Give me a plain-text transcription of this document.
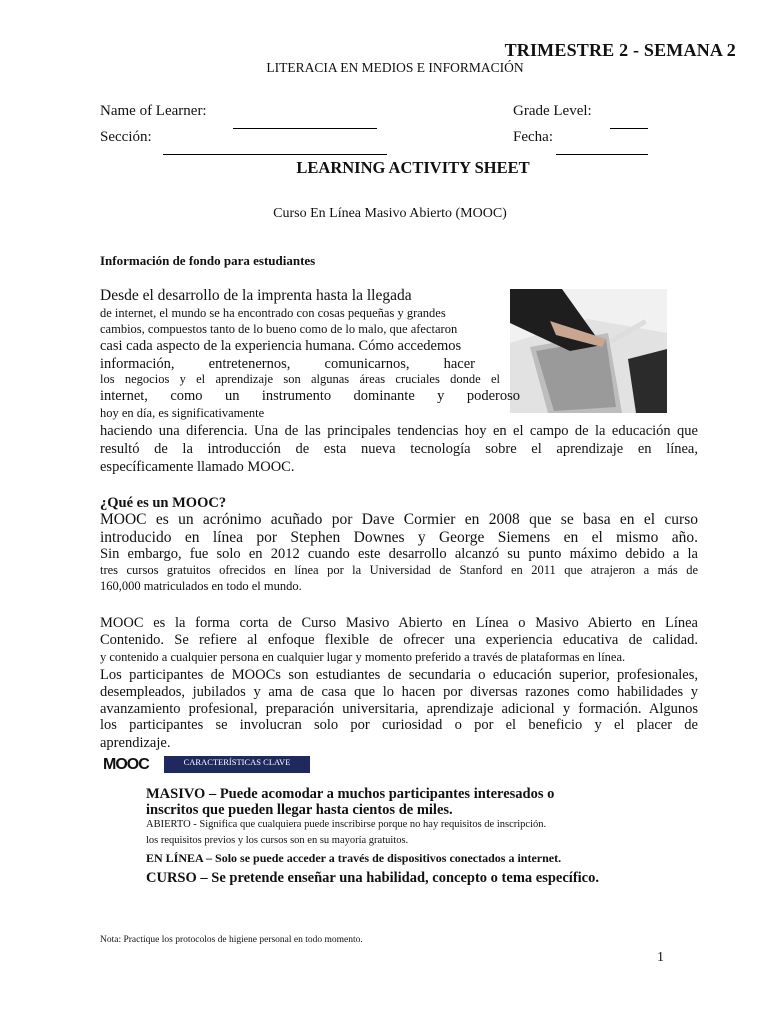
TRIMESTRE 2 - SEMANA 2
LITERACIA EN MEDIOS E INFORMACIÓN
Name of Learner:	Grade Level:
Sección:	Fecha:
LEARNING ACTIVITY SHEET
Curso En Línea Masivo Abierto (MOOC)
Información de fondo para estudiantes
Desde el desarrollo de la imprenta hasta la llegada
de internet, el mundo se ha encontrado con cosas pequeñas y grandes
cambios, compuestos tanto de lo bueno como de lo malo, que afectaron
casi cada aspecto de la experiencia humana. Cómo accedemos
información, entretenernos, comunicarnos, hacer
los negocios y el aprendizaje son algunas áreas cruciales donde el
internet, como un instrumento dominante y poderoso
hoy en día, es significativamente
haciendo una diferencia. Una de las principales tendencias hoy en el campo de la educación que
resultó de la introducción de esta nueva tecnología sobre el aprendizaje en línea,
específicamente llamado MOOC.
¿Qué es un MOOC?
MOOC es un acrónimo acuñado por Dave Cormier en 2008 que se basa en el curso
introducido en línea por Stephen Downes y George Siemens en el mismo año.
Sin embargo, fue solo en 2012 cuando este desarrollo alcanzó su punto máximo debido a la
tres cursos gratuitos ofrecidos en línea por la Universidad de Stanford en 2011 que atrajeron a más de
160,000 matriculados en todo el mundo.
MOOC es la forma corta de Curso Masivo Abierto en Línea o Masivo Abierto en Línea
Contenido. Se refiere al enfoque flexible de ofrecer una experiencia educativa de calidad.
y contenido a cualquier persona en cualquier lugar y momento preferido a través de plataformas en línea.
Los participantes de MOOCs son estudiantes de secundaria o educación superior, profesionales,
desempleados, jubilados y ama de casa que lo hacen por diversas razones como habilidades y
avanzamiento profesional, preparación universitaria, aprendizaje adicional y formación. Algunos
los participantes se involucran solo por curiosidad o por el beneficio y el placer de
aprendizaje.
MOOC	CARACTERÍSTICAS CLAVE
MASIVO – Puede acomodar a muchos participantes interesados o
inscritos que pueden llegar hasta cientos de miles.
ABIERTO - Significa que cualquiera puede inscribirse porque no hay requisitos de inscripción.
los requisitos previos y los cursos son en su mayoría gratuitos.
EN LÍNEA – Solo se puede acceder a través de dispositivos conectados a internet.
CURSO – Se pretende enseñar una habilidad, concepto o tema específico.
Nota: Practique los protocolos de higiene personal en todo momento.
1
